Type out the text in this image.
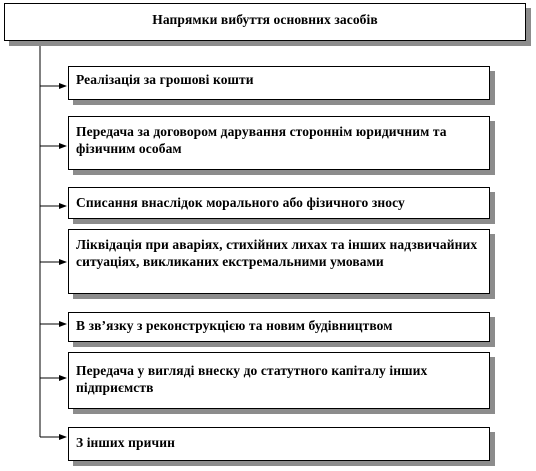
Напрямки вибуття основних засобів
Реалізація за грошові кошти
Передача за договором дарування стороннім юридичним та фізичним особам
Списання внаслідок морального або фізичного зносу
Ліквідація при аваріях, стихійних лихах та інших надзвичайних ситуаціях, викликаних екстремальними умовами
В зв’язку з реконструкцією та новим будівництвом
Передача у вигляді внеску до статутного капіталу інших підприємств
З інших причин
